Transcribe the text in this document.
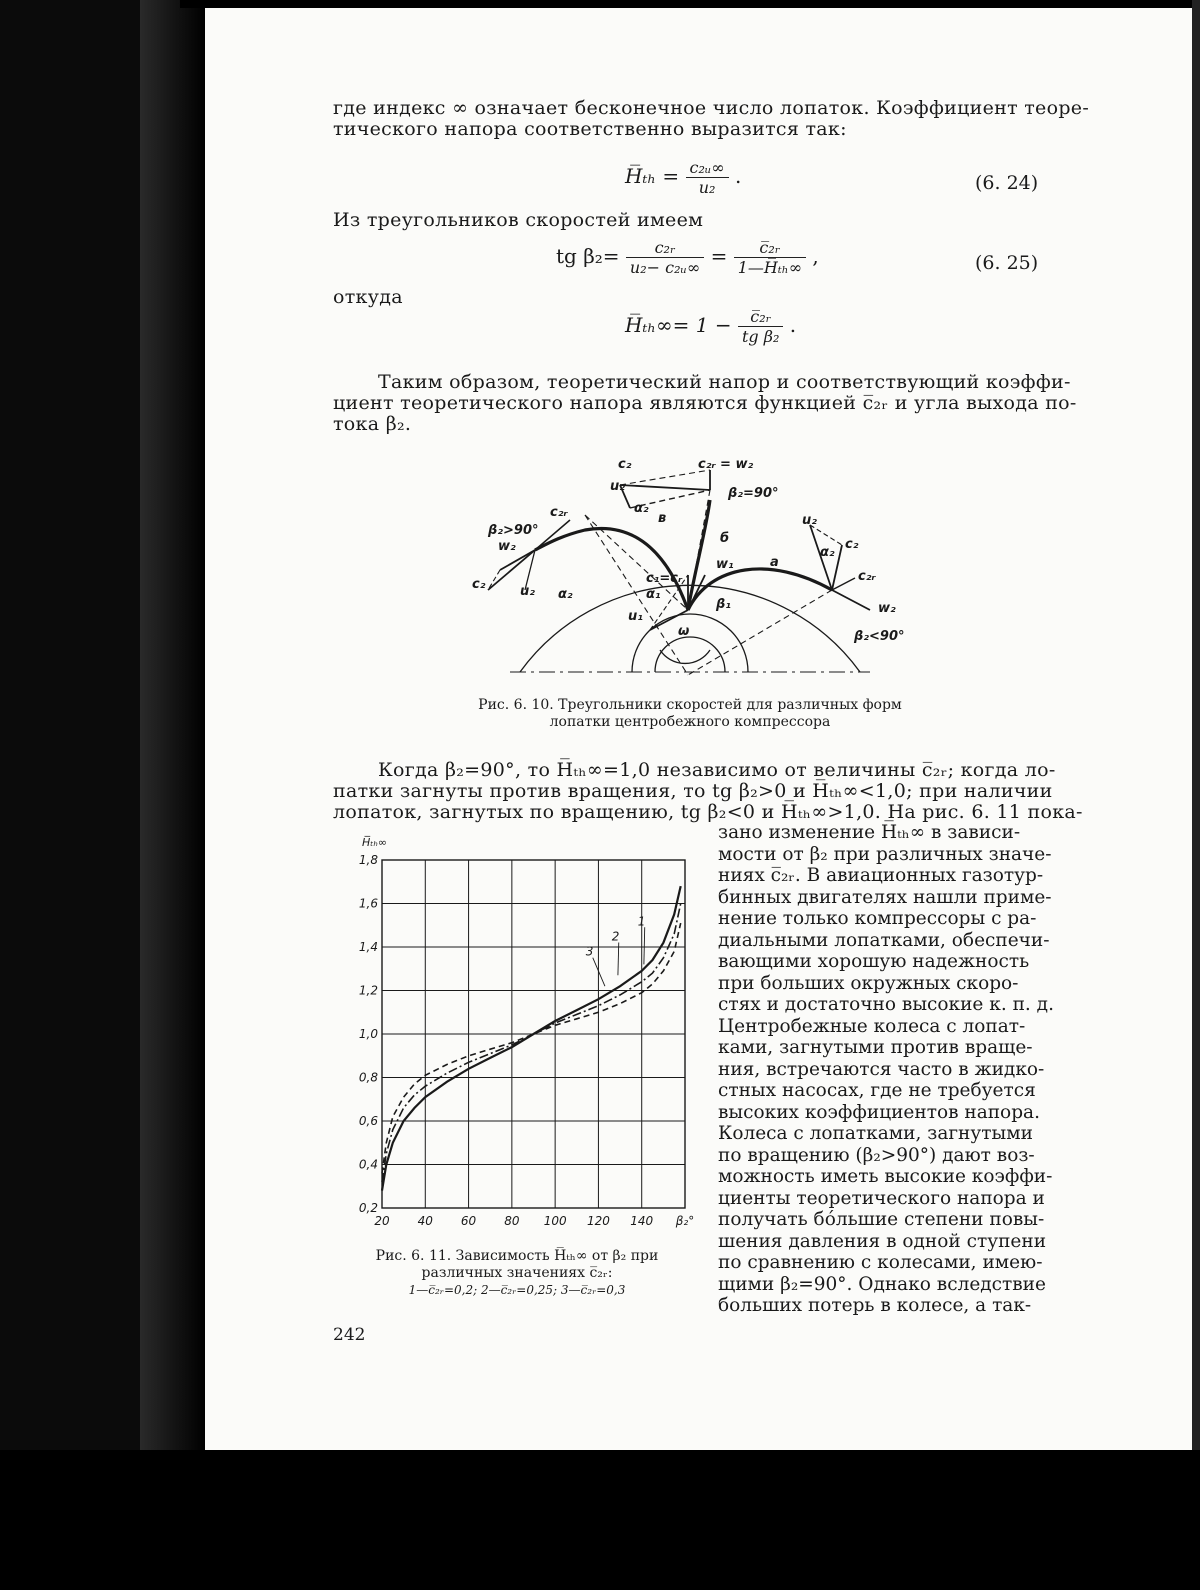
где индекс ∞ означает бесконечное число лопаток. Коэффициент теоре-
тического напора соответственно выразится так:
H̅ₜₕ = $\frac{\text{c₂ᵤ∞}}{\text{u₂}}$ .	(6. 24)
Из треугольников скоростей имеем
tg $\beta_2= \frac{\text{c₂ᵣ}}{\text{u₂− c₂ᵤ∞}} = \frac{\text{c̅₂ᵣ}}{\text{1—H̅ₜₕ∞}}$ ,	(6. 25)
откуда
H̅ₜₕ∞= $1 - \frac{\text{c̅₂ᵣ}}{\text{tg β₂}}$ .
Таким образом, теоретический напор и соответствующий коэффи-
циент теоретического напора являются функцией c̅₂ᵣ и угла выхода по-
тока β₂.
c₂	c₂ᵣ = w₂
u₂	β₂=90°
α₂
c₂ᵣ
β₂>90°
w₂
c₂	u₂ α₂
в
б
а
w₁
c₁=cᵣ
α₁
β₁
u₁
ω
u₂
c₂
α₂
c₂ᵣ
w₂
β₂<90°
Рис. 6. 10. Треугольники скоростей для различных форм
лопатки центробежного компрессора
Когда β₂=90°, то H̅ₜₕ∞=1,0 независимо от величины c̅₂ᵣ; когда ло-
патки загнуты против вращения, то tg β₂>0 и H̅ₜₕ∞<1,0; при наличии
лопаток, загнутых по вращению, tg β₂<0 и H̅ₜₕ∞>1,0. На рис. 6. 11 пока-
0,2
0,4
0,6
0,8
1,0
1,2
1,4
1,6
1,8
20 40 60 80 100 120 140 β₂°
1
2
3
H̅ₜₕ∞
Рис. 6. 11. Зависимость H̅ₜₕ∞ от β₂ при
различных значениях c̅₂ᵣ:
1—c̅₂ᵣ=0,2; 2—c̅₂ᵣ=0,25; 3—c̅₂ᵣ=0,3
зано изменение H̅ₜₕ∞ в зависи-
мости от β₂ при различных значе-
ниях c̅₂ᵣ. В авиационных газотур-
бинных двигателях нашли приме-
нение только компрессоры с ра-
диальными лопатками, обеспечи-
вающими хорошую надежность
при больших окружных скоро-
стях и достаточно высокие к. п. д.
Центробежные колеса с лопат-
ками, загнутыми против враще-
ния, встречаются часто в жидко-
стных насосах, где не требуется
высоких коэффициентов напора.
Колеса с лопатками, загнутыми
по вращению (β₂>90°) дают воз-
можность иметь высокие коэффи-
циенты теоретического напора и
получать бóльшие степени повы-
шения давления в одной ступени
по сравнению с колесами, имею-
щими β₂=90°. Однако вследствие
больших потерь в колесе, а так-
242
